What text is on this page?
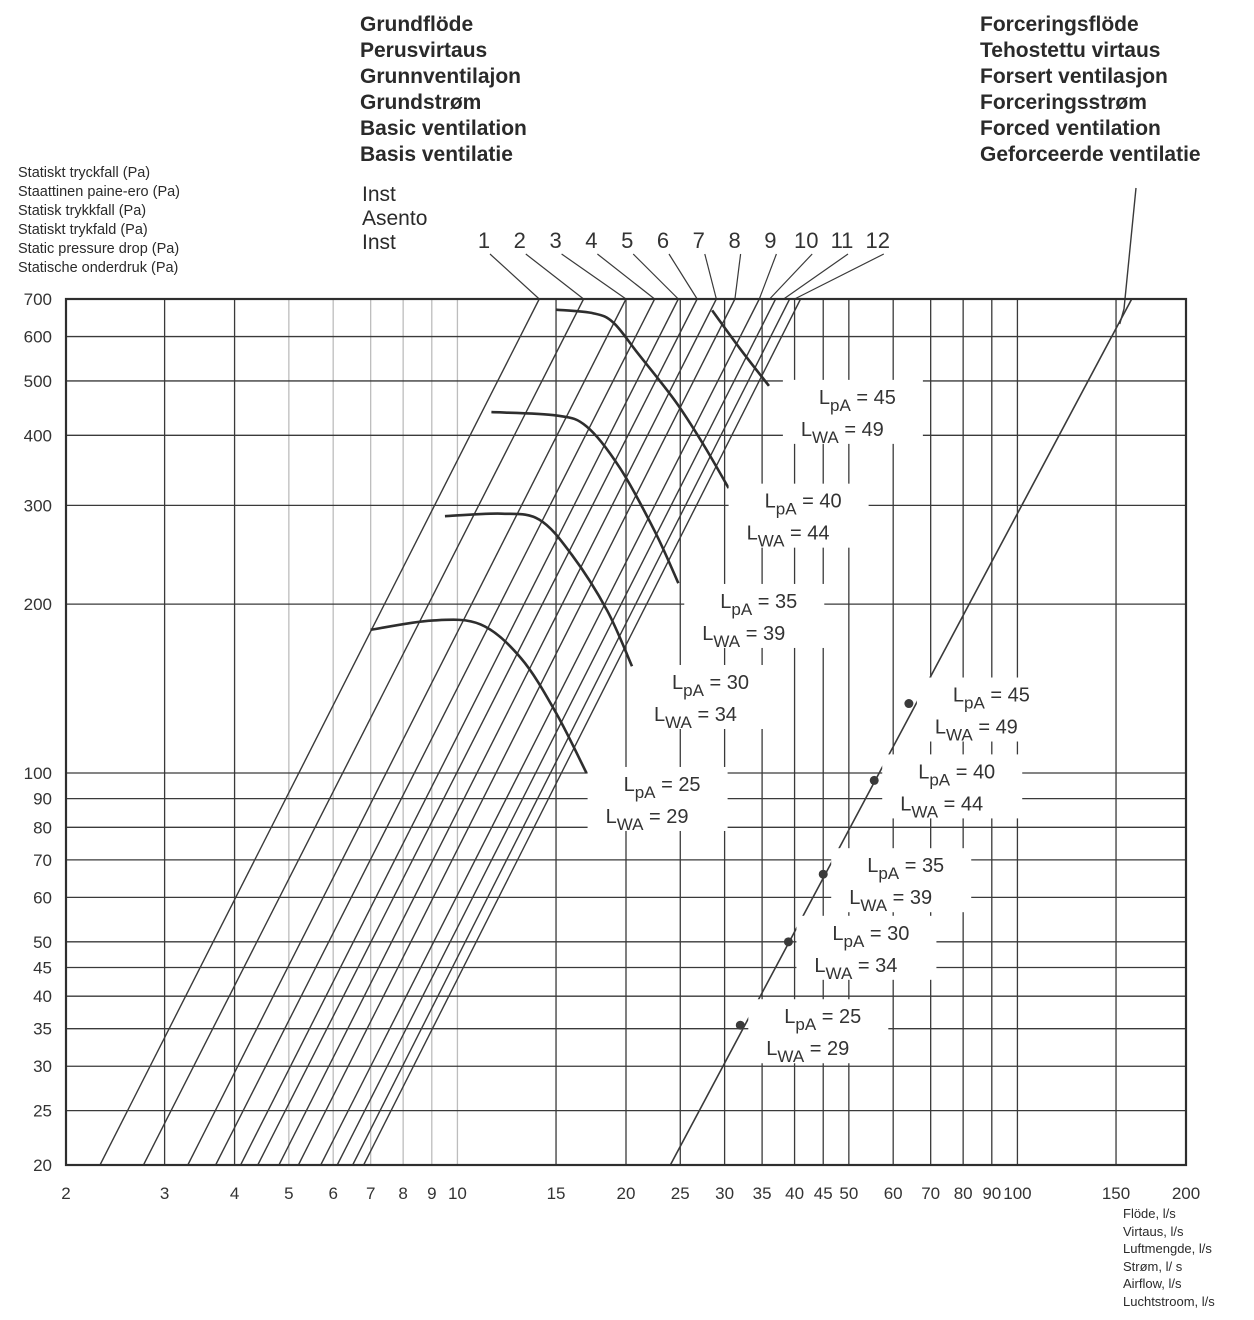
$L_{pA} = 45$
$L_{WA} = 49$
$L_{pA} = 40$
$L_{WA} = 44$
$L_{pA} = 35$
$L_{WA} = 39$
$L_{pA} = 30$
$L_{WA} = 34$
$L_{pA} = 25$
$L_{WA} = 29$
$L_{pA} = 45$
$L_{WA} = 49$
$L_{pA} = 40$
$L_{WA} = 44$
$L_{pA} = 35$
$L_{WA} = 39$
$L_{pA} = 30$
$L_{WA} = 34$
$L_{pA} = 25$
$L_{WA} = 29$
2	3	4	5 6 7 8 9 10	15	20 25 30 35 40 45 50 60 70 80 90 100	150 200
20
25
30
35
40
45
50
60
70
80
90
100
200
300
400
500
600
700
1 2 3 4 5 6 7 8 9 10 11 12
Grundflöde
Perusvirtaus
Grunnventilajon
Grundstrøm
Basic ventilation
Basis ventilatie
Forceringsflöde
Tehostettu virtaus
Forsert ventilasjon
Forceringsstrøm
Forced ventilation
Geforceerde ventilatie
Statiskt tryckfall (Pa)
Staattinen paine-ero (Pa)
Statisk trykkfall (Pa)
Statiskt trykfald (Pa)
Static pressure drop (Pa)
Statische onderdruk (Pa)
Inst
Asento
Inst
Flöde, l/s
Virtaus, l/s
Luftmengde, l/s
Strøm, l/ s
Airflow, l/s
Luchtstroom, l/s
